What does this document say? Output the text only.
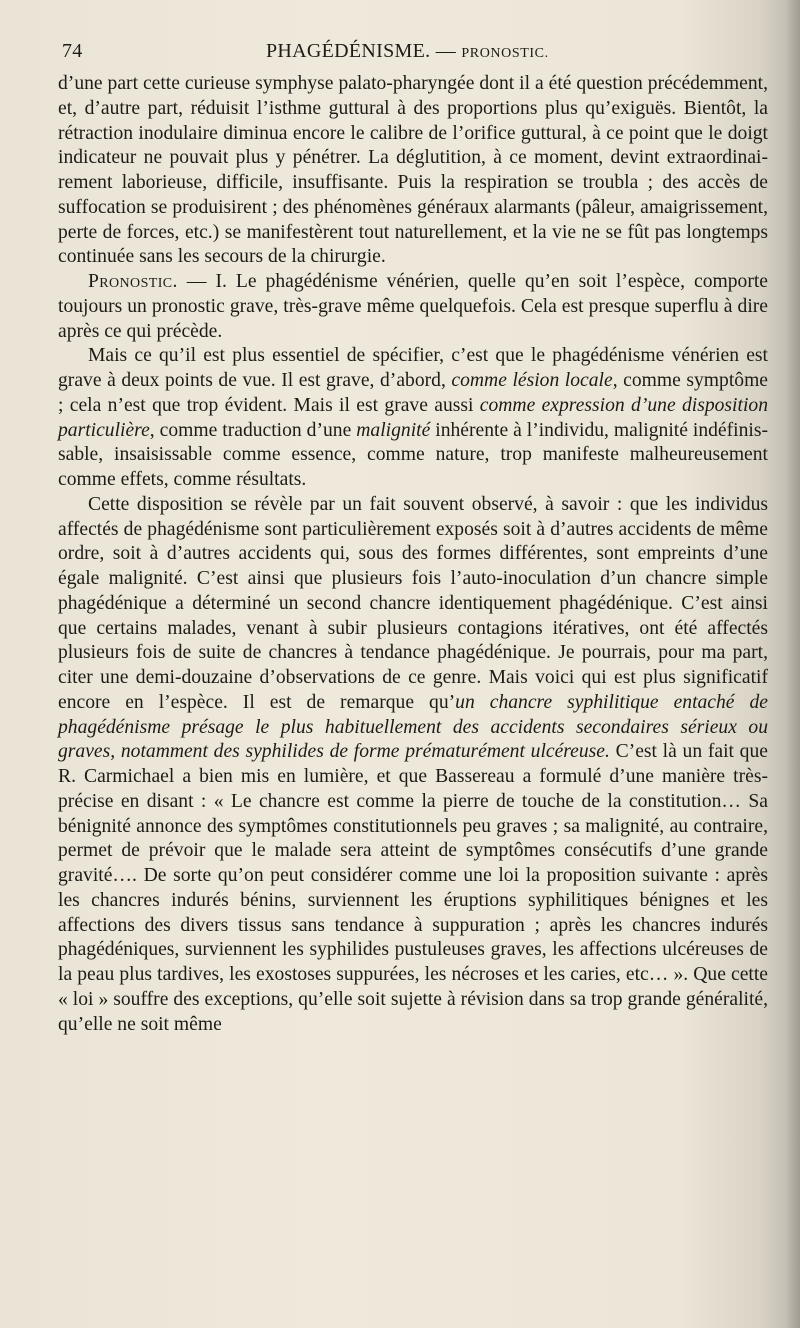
74	PHAGÉDÉNISME. — PRONOSTIC.

d’une part cette curieuse symphyse palato-pharyngée dont il a été question précédemment, et, d’autre part, réduisit l’isthme guttural à des proportions plus qu’exiguës. Bientôt, la rétraction inodulaire diminua encore le calibre de l’orifice guttural, à ce point que le doigt indicateur ne pouvait plus y pénétrer. La déglutition, à ce moment, devint extraordinairement laborieuse, difficile, insuffisante. Puis la respiration se troubla ; des accès de suffocation se produisirent ; des phénomènes généraux alarmants (pâleur, amaigrissement, perte de forces, etc.) se manifestèrent tout naturellement, et la vie ne se fût pas longtemps continuée sans les secours de la chirurgie.

Pronostic. — I. Le phagédénisme vénérien, quelle qu’en soit l’espèce, comporte toujours un pronostic grave, très-grave même quelquefois. Cela est presque superflu à dire après ce qui précède.

Mais ce qu’il est plus essentiel de spécifier, c’est que le phagédénisme vénérien est grave à deux points de vue. Il est grave, d’abord, comme lésion locale, comme symptôme ; cela n’est que trop évident. Mais il est grave aussi comme expression d’une disposition particulière, comme traduction d’une malignité inhérente à l’individu, malignité indéfinissable, insaisissable comme essence, comme nature, trop manifeste malheureusement comme effets, comme résultats.

Cette disposition se révèle par un fait souvent observé, à savoir : que les individus affectés de phagédénisme sont particulièrement exposés soit à d’autres accidents de même ordre, soit à d’autres accidents qui, sous des formes différentes, sont empreints d’une égale malignité. C’est ainsi que plusieurs fois l’auto-inoculation d’un chancre simple phagédénique a déterminé un second chancre identiquement phagédénique. C’est ainsi que certains malades, venant à subir plusieurs contagions itératives, ont été affectés plusieurs fois de suite de chancres à tendance phagédénique. Je pourrais, pour ma part, citer une demi-douzaine d’observations de ce genre. Mais voici qui est plus significatif encore en l’espèce. Il est de remarque qu’un chancre syphilitique entaché de phagédénisme présage le plus habituellement des accidents secondaires sérieux ou graves, notamment des syphilides de forme prématurément ulcéreuse. C’est là un fait que R. Carmichael a bien mis en lumière, et que Bassereau a formulé d’une manière très-précise en disant : « Le chancre est comme la pierre de touche de la constitution… Sa bénignité annonce des symptômes constitutionnels peu graves ; sa malignité, au contraire, permet de prévoir que le malade sera atteint de symptômes consécutifs d’une grande gravité…. De sorte qu’on peut considérer comme une loi la proposition suivante : après les chancres indurés bénins, surviennent les éruptions syphilitiques bénignes et les affections des divers tissus sans tendance à suppuration ; après les chancres indurés phagédéniques, surviennent les syphilides pustuleuses graves, les affections ulcéreuses de la peau plus tardives, les exostoses suppurées, les nécroses et les caries, etc… ». Que cette « loi » souffre des exceptions, qu’elle soit sujette à révision dans sa trop grande généralité, qu’elle ne soit même
